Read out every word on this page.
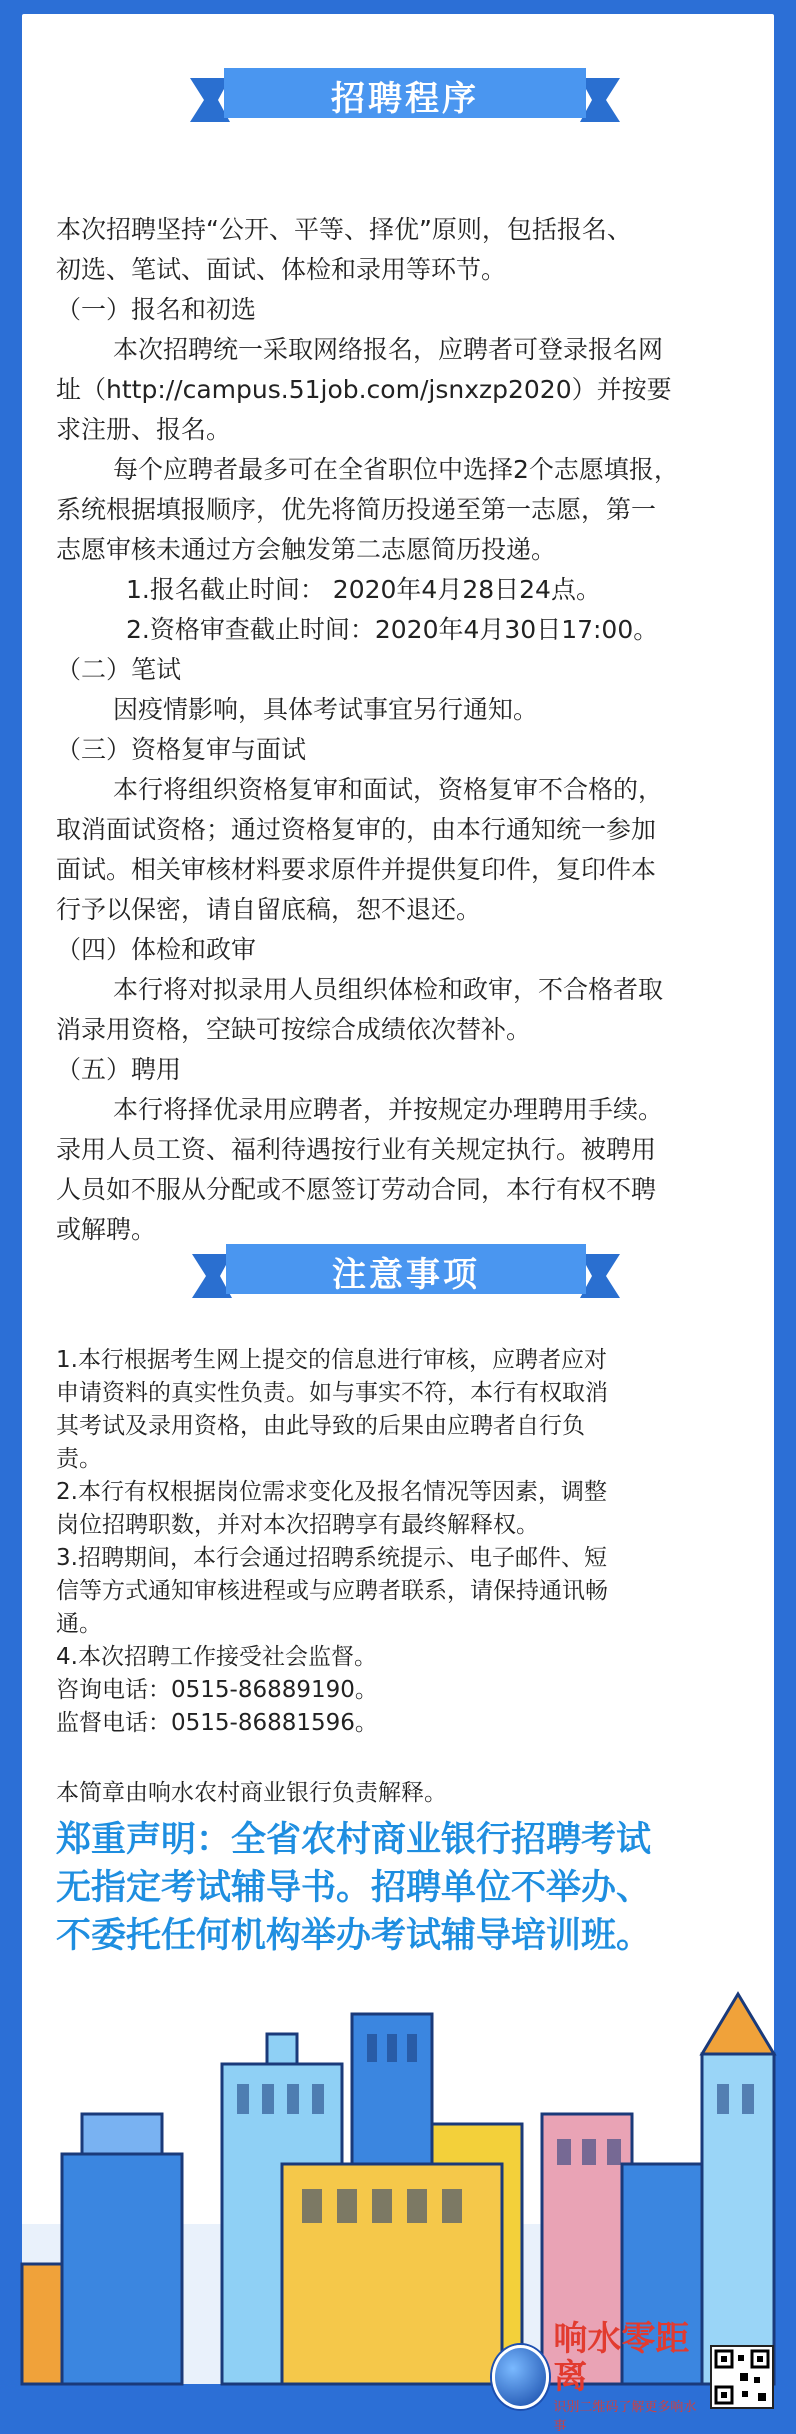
招聘程序
本次招聘坚持“公开、平等、择优”原则，包括报名、
初选、笔试、面试、体检和录用等环节。
（一）报名和初选
本次招聘统一采取网络报名，应聘者可登录报名网
址（http://campus.51job.com/jsnxzp2020）并按要
求注册、报名。
每个应聘者最多可在全省职位中选择2个志愿填报，
系统根据填报顺序，优先将简历投递至第一志愿，第一
志愿审核未通过方会触发第二志愿简历投递。
1.报名截止时间： 2020年4月28日24点。
2.资格审查截止时间：2020年4月30日17:00。
（二）笔试
因疫情影响，具体考试事宜另行通知。
（三）资格复审与面试
本行将组织资格复审和面试，资格复审不合格的，
取消面试资格；通过资格复审的，由本行通知统一参加
面试。相关审核材料要求原件并提供复印件，复印件本
行予以保密，请自留底稿，恕不退还。
（四）体检和政审
本行将对拟录用人员组织体检和政审，不合格者取
消录用资格，空缺可按综合成绩依次替补。
（五）聘用
本行将择优录用应聘者，并按规定办理聘用手续。
录用人员工资、福利待遇按行业有关规定执行。被聘用
人员如不服从分配或不愿签订劳动合同，本行有权不聘
或解聘。
注意事项
1.本行根据考生网上提交的信息进行审核，应聘者应对
申请资料的真实性负责。如与事实不符，本行有权取消
其考试及录用资格，由此导致的后果由应聘者自行负
责。
2.本行有权根据岗位需求变化及报名情况等因素，调整
岗位招聘职数，并对本次招聘享有最终解释权。
3.招聘期间，本行会通过招聘系统提示、电子邮件、短
信等方式通知审核进程或与应聘者联系，请保持通讯畅
通。
4.本次招聘工作接受社会监督。
咨询电话：0515-86889190。
监督电话：0515-86881596。
本简章由响水农村商业银行负责解释。
郑重声明：全省农村商业银行招聘考试
无指定考试辅导书。招聘单位不举办、
不委托任何机构举办考试辅导培训班。
响水零距离
识别二维码了解更多响水事
